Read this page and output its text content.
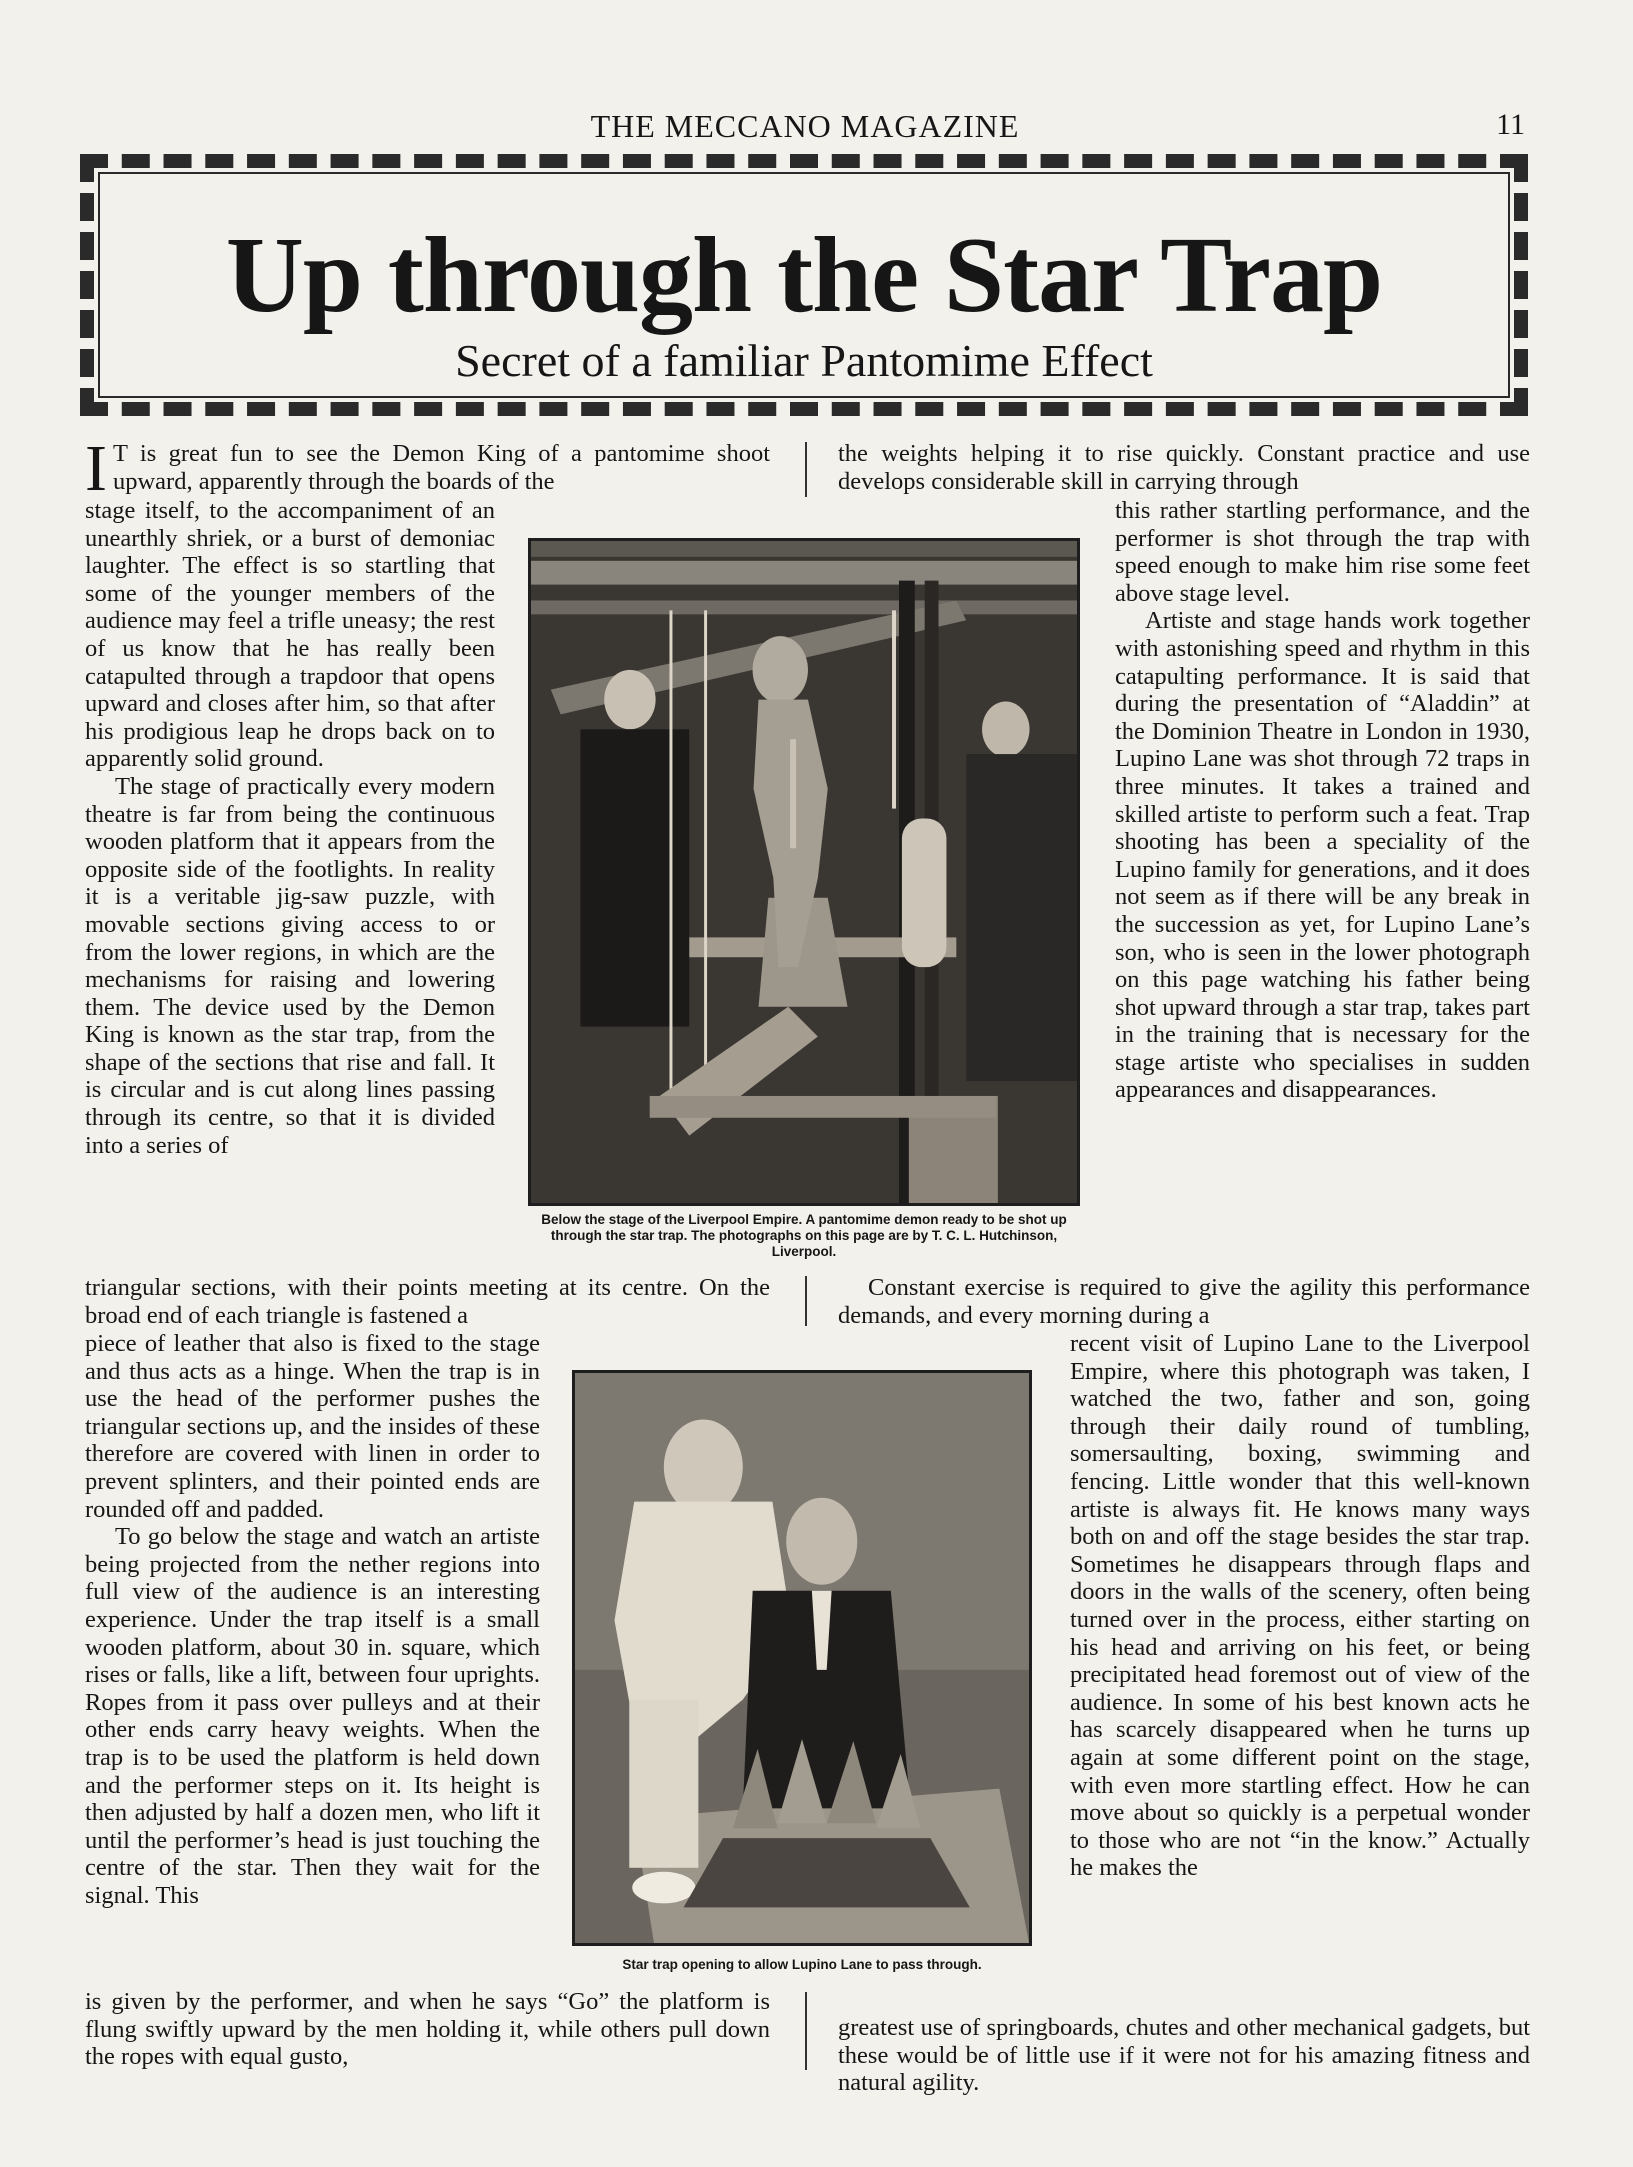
THE MECCANO MAGAZINE	11
Up through the Star Trap
Secret of a familiar Pantomime Effect

I T is great fun to see the Demon King of a pantomime shoot upward, apparently through the boards of the

the weights helping it to rise quickly. Constant practice and use develops considerable skill in carrying through

stage itself, to the accompaniment of an unearthly shriek, or a burst of demoniac laughter. The effect is so startling that some of the younger members of the audience may feel a trifle uneasy; the rest of us know that he has really been catapulted through a trapdoor that opens upward and closes after him, so that after his prodigious leap he drops back on to apparently solid ground.

The stage of practically every modern theatre is far from being the continuous wooden platform that it appears from the opposite side of the footlights. In reality it is a veritable jig-saw puzzle, with movable sections giving access to or from the lower regions, in which are the mechanisms for raising and lowering them. The device used by the Demon King is known as the star trap, from the shape of the sections that rise and fall. It is circular and is cut along lines passing through its centre, so that it is divided into a series of

Below the stage of the Liverpool Empire. A pantomime demon ready to be shot up through the star trap. The photographs on this page are by T. C. L. Hutchinson, Liverpool.

this rather startling performance, and the performer is shot through the trap with speed enough to make him rise some feet above stage level.

Artiste and stage hands work together with astonishing speed and rhythm in this catapulting performance. It is said that during the presentation of “Aladdin” at the Dominion Theatre in London in 1930, Lupino Lane was shot through 72 traps in three minutes. It takes a trained and skilled artiste to perform such a feat. Trap shooting has been a speciality of the Lupino family for generations, and it does not seem as if there will be any break in the succession as yet, for Lupino Lane’s son, who is seen in the lower photograph on this page watching his father being shot upward through a star trap, takes part in the training that is necessary for the stage artiste who specialises in sudden appearances and disappearances.

triangular sections, with their points meeting at its centre. On the broad end of each triangle is fastened a

Constant exercise is required to give the agility this performance demands, and every morning during a

piece of leather that also is fixed to the stage and thus acts as a hinge. When the trap is in use the head of the performer pushes the triangular sections up, and the insides of these therefore are covered with linen in order to prevent splinters, and their pointed ends are rounded off and padded.

To go below the stage and watch an artiste being projected from the nether regions into full view of the audience is an interesting experience. Under the trap itself is a small wooden platform, about 30 in. square, which rises or falls, like a lift, between four uprights. Ropes from it pass over pulleys and at their other ends carry heavy weights. When the trap is to be used the platform is held down and the performer steps on it. Its height is then adjusted by half a dozen men, who lift it until the performer’s head is just touching the centre of the star. Then they wait for the signal. This

Star trap opening to allow Lupino Lane to pass through.

recent visit of Lupino Lane to the Liverpool Empire, where this photograph was taken, I watched the two, father and son, going through their daily round of tumbling, somersaulting, boxing, swimming and fencing. Little wonder that this well-known artiste is always fit. He knows many ways both on and off the stage besides the star trap. Sometimes he disappears through flaps and doors in the walls of the scenery, often being turned over in the process, either starting on his head and arriving on his feet, or being precipitated head foremost out of view of the audience. In some of his best known acts he has scarcely disappeared when he turns up again at some different point on the stage, with even more startling effect. How he can move about so quickly is a perpetual wonder to those who are not “in the know.” Actually he makes the

is given by the performer, and when he says “Go” the platform is flung swiftly upward by the men holding it, while others pull down the ropes with equal gusto,

greatest use of springboards, chutes and other mechanical gadgets, but these would be of little use if it were not for his amazing fitness and natural agility.
